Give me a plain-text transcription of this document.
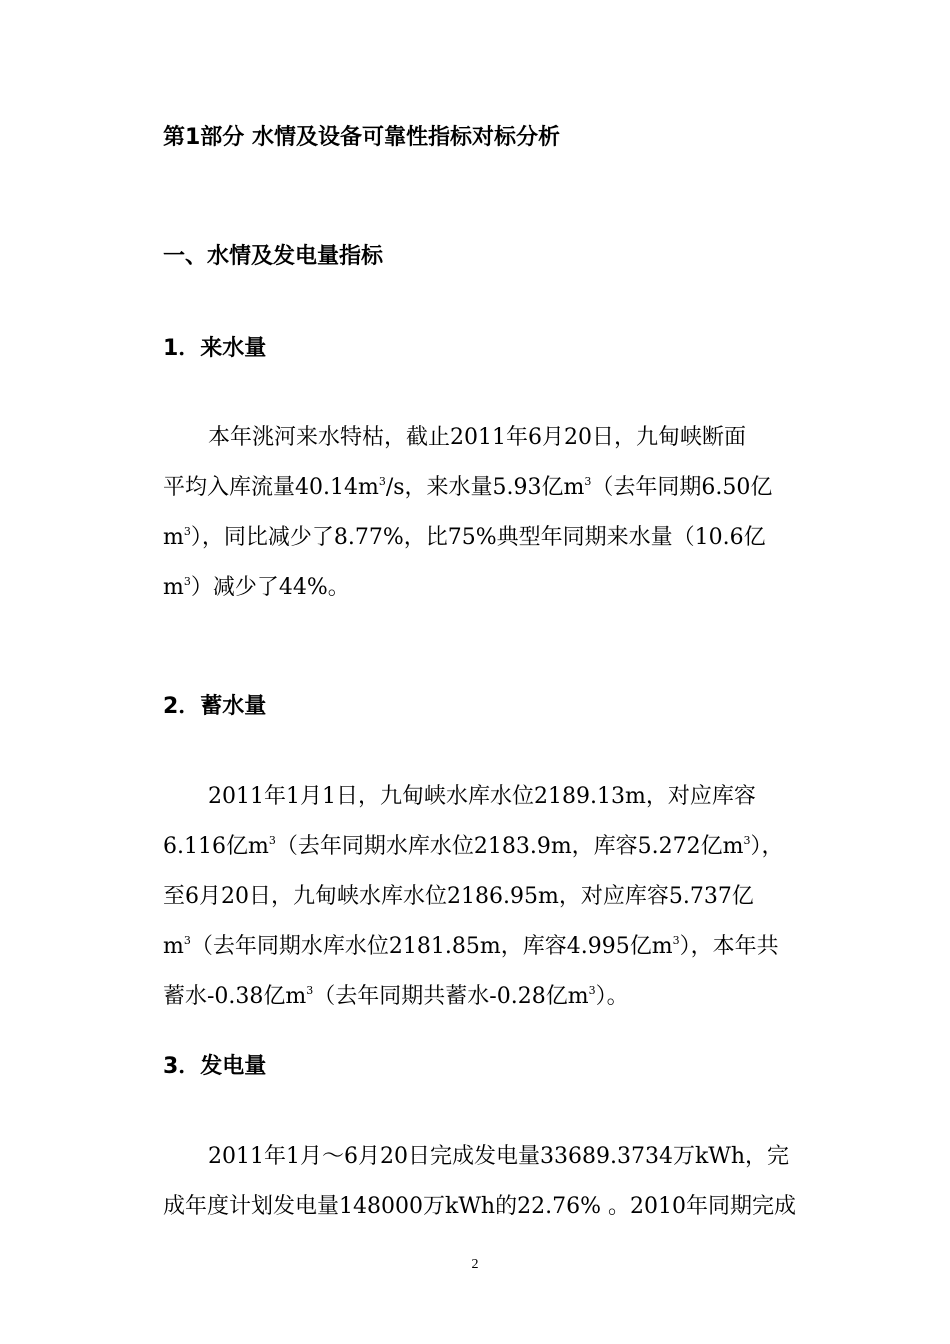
第1部分 水情及设备可靠性指标对标分析
一、水情及发电量指标
1．来水量
本年洮河来水特枯，截止2011年6月20日，九甸峡断面
平均入库流量$40.14m^3/s$，来水量5.93亿$m^3$（去年同期6.50亿
$m^3$），同比减少了8.77%，比75%典型年同期来水量（10.6亿
$m^3$）减少了44%。
2．蓄水量
2011年1月1日，九甸峡水库水位2189.13m，对应库容
6.116亿$m^3$（去年同期水库水位2183.9m，库容5.272亿$m^3$），
至6月20日，九甸峡水库水位2186.95m，对应库容5.737亿
$m^3$（去年同期水库水位2181.85m，库容4.995亿$m^3$），本年共
蓄水-0.38亿$m^3$（去年同期共蓄水-0.28亿$m^3$）。
3．发电量
2011年1月～6月20日完成发电量33689.3734万kWh，完
成年度计划发电量148000万kWh的22.76% 。2010年同期完成
2
